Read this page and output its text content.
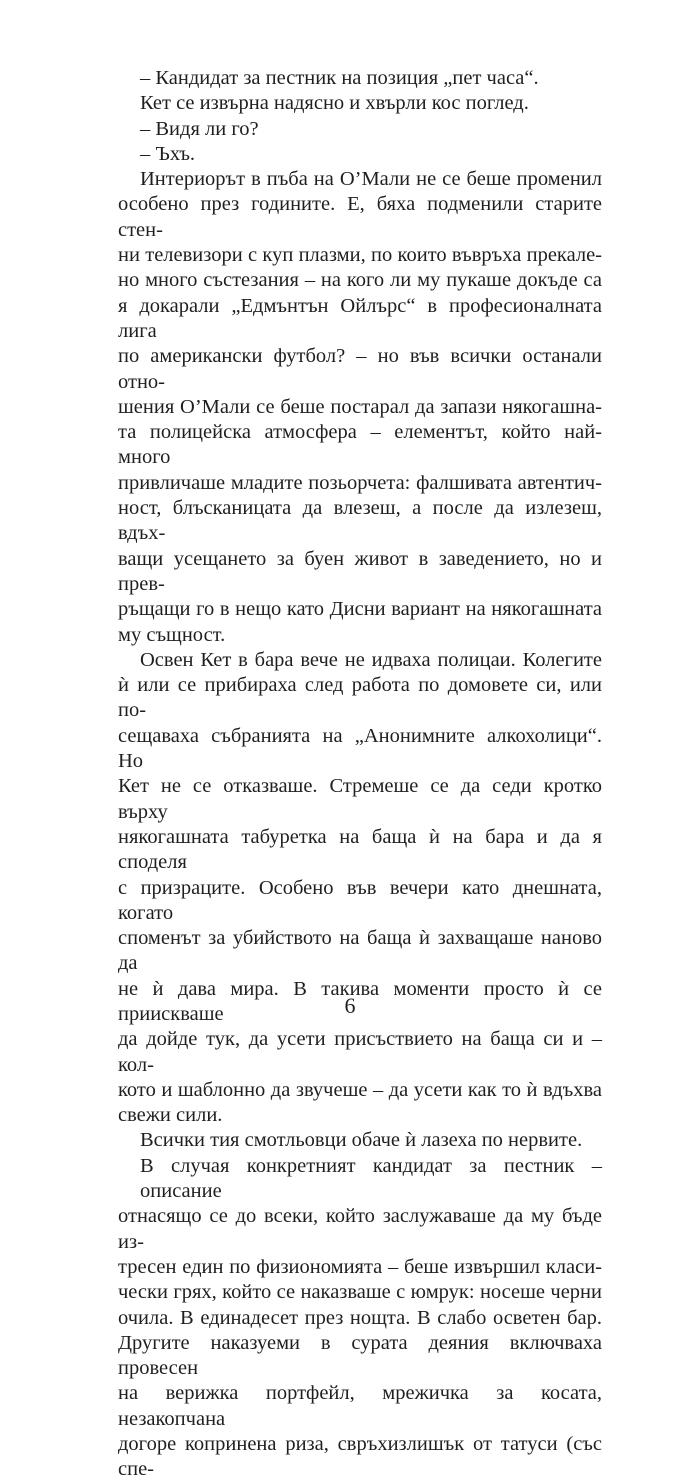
– Кандидат за пестник на позиция „пет часа“.
Кет се извърна надясно и хвърли кос поглед.
– Видя ли го?
– Ъхъ.
Интериорът в пъба на О’Мали не се беше променил
особено през годините. Е, бяха подменили старите стен-
ни телевизори с куп плазми, по които въвръха прекале-
но много състезания – на кого ли му пукаше докъде са
я докарали „Едмънтън Ойлърс“ в професионалната лига
по американски футбол? – но във всички останали отно-
шения О’Мали се беше постарал да запази някогашна-
та полицейска атмосфера – елементът, който най-много
привличаше младите позьорчета: фалшивата автентич-
ност, блъсканицата да влезеш, а после да излезеш, вдъх-
ващи усещането за буен живот в заведението, но и прев-
ръщащи го в нещо като Дисни вариант на някогашната
му същност.
Освен Кет в бара вече не идваха полицаи. Колегите
ѝ или се прибираха след работа по домовете си, или по-
сещаваха събранията на „Анонимните алкохолици“. Но
Кет не се отказваше. Стремеше се да седи кротко върху
някогашната табуретка на баща ѝ на бара и да я споделя
с призраците. Особено във вечери като днешната, когато
споменът за убийството на баща ѝ захващаше наново да
не ѝ дава мира. В такива моменти просто ѝ се приискваше
да дойде тук, да усети присъствието на баща си и – кол-
кото и шаблонно да звучеше – да усети как то ѝ вдъхва
свежи сили.
Всички тия смотльовци обаче ѝ лазеха по нервите.
В случая конкретният кандидат за пестник – описание
отнасящо се до всеки, който заслужаваше да му бъде из-
тресен един по физиономията – беше извършил класи-
чески грях, който се наказваше с юмрук: носеше черни
очила. В единадесет през нощта. В слабо осветен бар.
Другите наказуеми в сурата деяния включваха провесен
на верижка портфейл, мрежичка за косата, незакопчана
догоре копринена риза, свръхизлишък от татуси (със спе-
6
